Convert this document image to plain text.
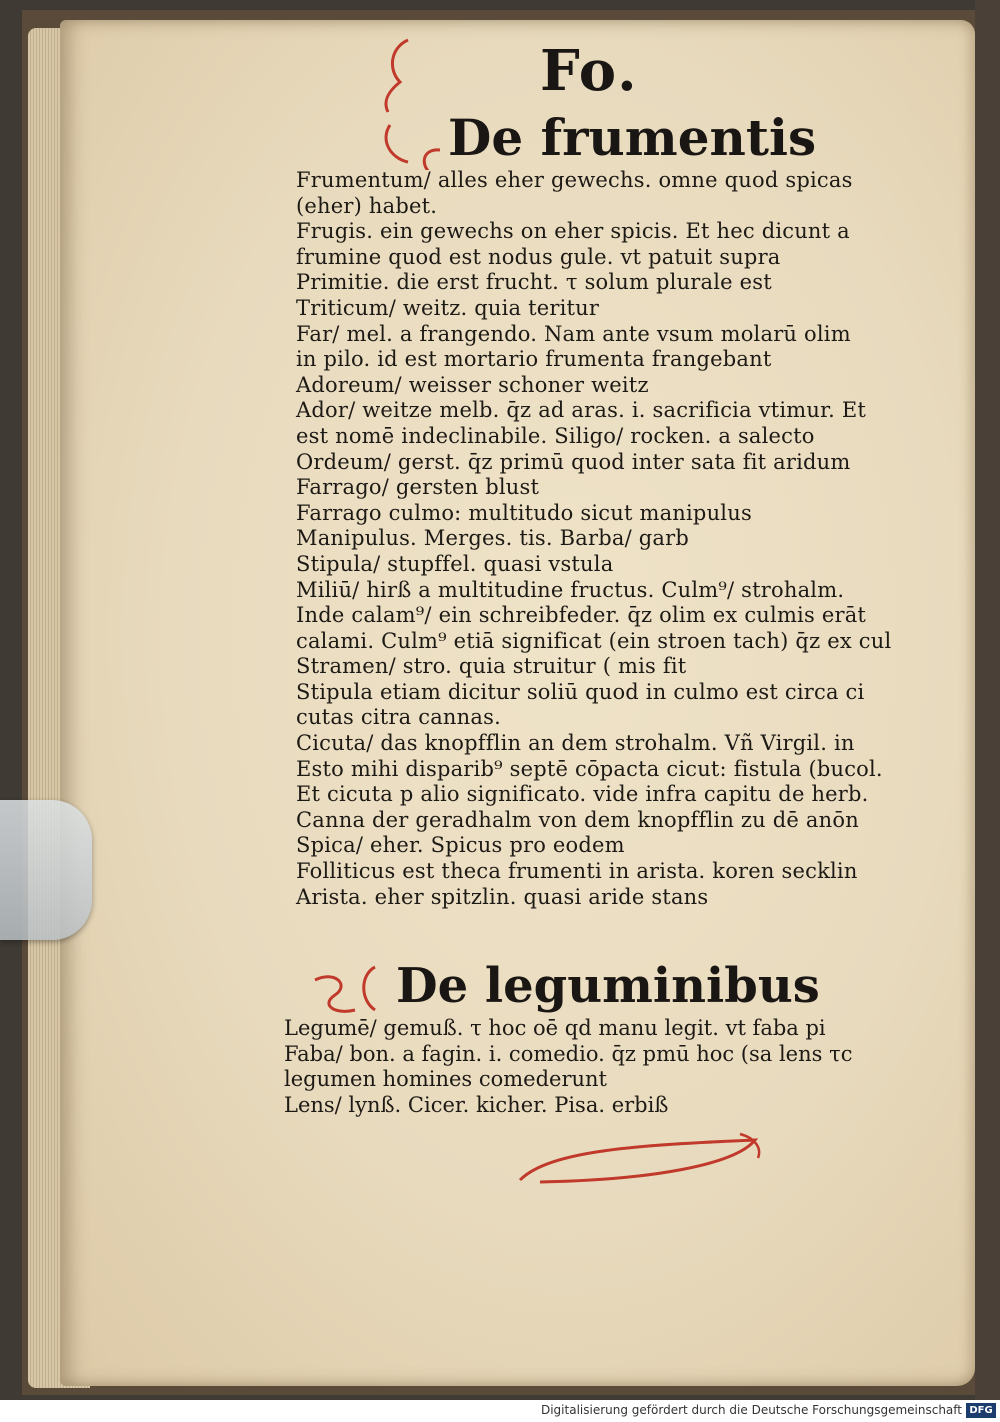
Fo.
De frumentis
Frumentum/ alles eher gewechs. omne quod spicas
(eher) habet.
Frugis. ein gewechs on eher spicis. Et hec dicunt a
frumine quod est nodus gule. vt patuit supra
Primitie. die erst frucht. τ solum plurale est
Triticum/ weitz. quia teritur
Far/ mel. a frangendo. Nam ante vsum molarū olim
in pilo. id est mortario frumenta frangebant
Adoreum/ weisser schoner weitz
Ador/ weitze melb. q̄z ad aras. i. sacrificia vtimur. Et
est nomē indeclinabile. Siligo/ rocken. a salecto
Ordeum/ gerst. q̄z primū quod inter sata fit aridum
Farrago/ gersten blust
Farrago culmo: multitudo sicut manipulus
Manipulus. Merges. tis. Barba/ garb
Stipula/ stupffel. quasi vstula
Miliū/ hirß a multitudine fructus. Culm⁹/ strohalm.
Inde calam⁹/ ein schreibfeder. q̄z olim ex culmis erāt
calami. Culm⁹ etiā significat (ein stroen tach) q̄z ex cul
Stramen/ stro. quia struitur ( mis fit
Stipula etiam dicitur soliū quod in culmo est circa ci
cutas citra cannas.
Cicuta/ das knopfflin an dem strohalm. Vñ Virgil. in
Esto mihi disparib⁹ septē cōpacta cicut: fistula (bucol.
Et cicuta p alio significato. vide infra capitu de herb.
Canna der geradhalm von dem knopfflin zu dē anōn
Spica/ eher. Spicus pro eodem
Folliticus est theca frumenti in arista. koren secklin
Arista. eher spitzlin. quasi aride stans
De leguminibus
Legumē/ gemuß. τ hoc oē qd manu legit. vt faba pi
Faba/ bon. a fagin. i. comedio. q̄z pmū hoc (sa lens τc
legumen homines comederunt
Lens/ lynß. Cicer. kicher. Pisa. erbiß
Digitalisierung gefördert durch die Deutsche Forschungsgemeinschaft DFG
